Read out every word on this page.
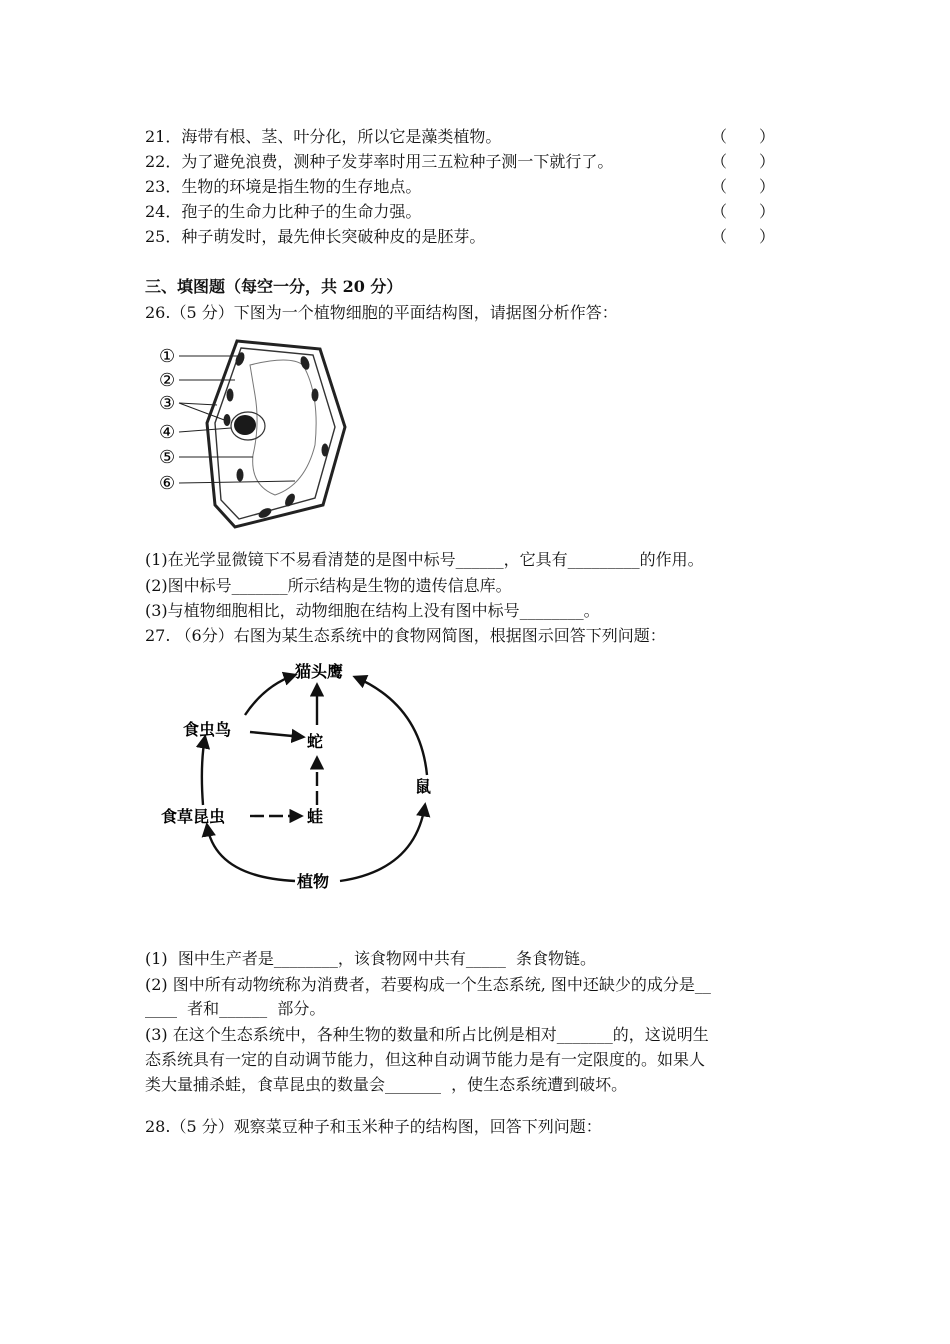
21．海带有根、茎、叶分化，所以它是藻类植物。	（　　）
22．为了避免浪费，测种子发芽率时用三五粒种子测一下就行了。	（　　）
23．生物的环境是指生物的生存地点。	（　　）
24．孢子的生命力比种子的生命力强。	（　　）
25．种子萌发时，最先伸长突破种皮的是胚芽。	（　　）
三、填图题（每空一分，共 20 分）
26.（5 分）下图为一个植物细胞的平面结构图，请据图分析作答：
①
②
③
④
⑤
⑥
(1)在光学显微镜下不易看清楚的是图中标号______，它具有_________的作用。
(2)图中标号_______所示结构是生物的遗传信息库。
(3)与植物细胞相比，动物细胞在结构上没有图中标号________。
27. （6分）右图为某生态系统中的食物网简图，根据图示回答下列问题：
猫头鹰
食虫鸟
蛇
食草昆虫	蛙
鼠
植物
(1)  图中生产者是________，该食物网中共有_____  条食物链。
(2) 图中所有动物统称为消费者，若要构成一个生态系统, 图中还缺少的成分是__
____  者和______  部分。
(3) 在这个生态系统中，各种生物的数量和所占比例是相对_______的，这说明生
态系统具有一定的自动调节能力，但这种自动调节能力是有一定限度的。如果人
类大量捕杀蛙，食草昆虫的数量会_______  ，使生态系统遭到破坏。
28.（5 分）观察菜豆种子和玉米种子的结构图，回答下列问题：
